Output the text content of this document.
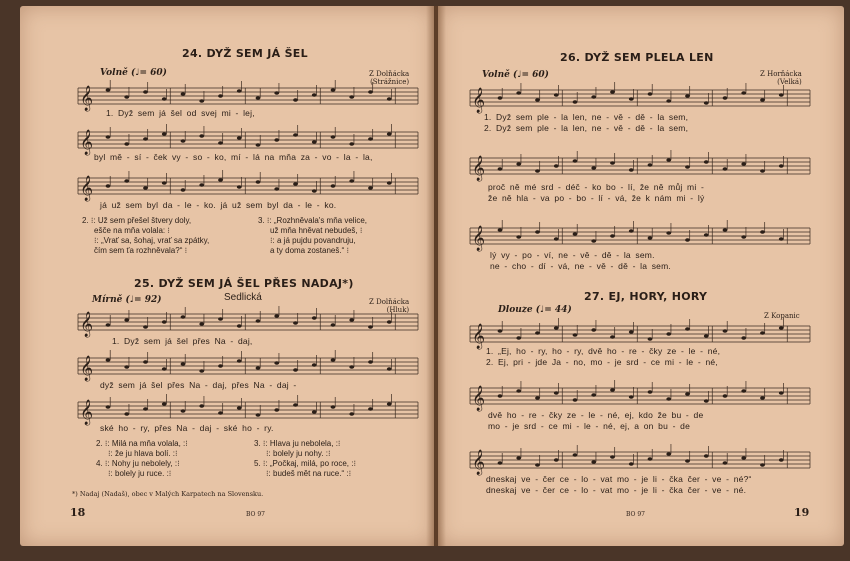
24. DYŽ SEM JÁ ŠEL
Volně (♩= 60)	Z Dolňácka
(Strážnice)
𝄞
1. Dyž sem já šel od svej mi - lej,
𝄞
byl mě - sí - ček vy - so - ko, mí - lá na mňa za - vo - la - la,
𝄞
já už sem byl da - le - ko. já už sem byl da - le - ko.
2. ⁝: Už sem přešel štvery doly,
ešče na mňa volala: ⁝
⁝: „Vrať sa, šohaj, vrať sa zpátky,
čím sem ťa rozhněvala?“ ⁝
3. ⁝: „Rozhněvala's mňa velice,
už mňa hněvat nebudeš, ⁝
⁝: a já pujdu povandruju,
a ty doma zostaneš.“ ⁝
25. DYŽ SEM JÁ ŠEL PŘES NADAJ*)
Sedlická
Mírně (♩= 92)	Z Dolňácka
(Hluk)
𝄞
1. Dyž sem já šel přes Na - daj,
𝄞
dyž sem já šel přes Na - daj, přes Na - daj -
𝄞
ské ho - ry, přes Na - daj - ské ho - ry.
2. ⁝: Milá na mňa volala, :⁝
⁝: že ju hlava bolí. :⁝
4. ⁝: Nohy ju nebolely, :⁝
⁝: bolely ju ruce. :⁝
3. ⁝: Hlava ju nebolela, :⁝
⁝: bolely ju nohy. :⁝
5. ⁝: „Počkaj, milá, po roce, :⁝
⁝: budeš mět na ruce.“ :⁝
*) Nadaj (Nadaš), obec v Malých Karpatech na Slovensku.
18	BO 97
26. DYŽ SEM PLELA LEN
Volně (♩= 60)	Z Horňácka
(Velká)
𝄞
1. Dyž sem ple - la len, ne - vě - dě - la sem,
2. Dyž sem ple - la len, ne - vě - dě - la sem,
𝄞
proč ně mé srd - déč - ko bo - lí, že ně můj mi -
že ně hla - va po - bo - lí - vá, že k nám mi - lý
𝄞
lý vy - po - ví, ne - vě - dě - la sem.
ne - cho - dí - vá, ne - vě - dě - la sem.
27. EJ, HORY, HORY
Dlouze (♩= 44)
Z Kopanic
𝄞
1. „Ej, ho - ry, ho - ry, dvě ho - re - čky ze - le - né,
2. Ej, pri - jde Ja - no, mo - je srd - ce mi - le - né,
𝄞
dvě ho - re - čky ze - le - né, ej, kdo že bu - de
mo - je srd - ce mi - le - né, ej, a on bu - de
𝄞
dneskaj ve - čer ce - lo - vat mo - je li - čka čer - ve - né?“
dneskaj ve - čer ce - lo - vat mo - je li - čka čer - ve - né.
BO 97	19
